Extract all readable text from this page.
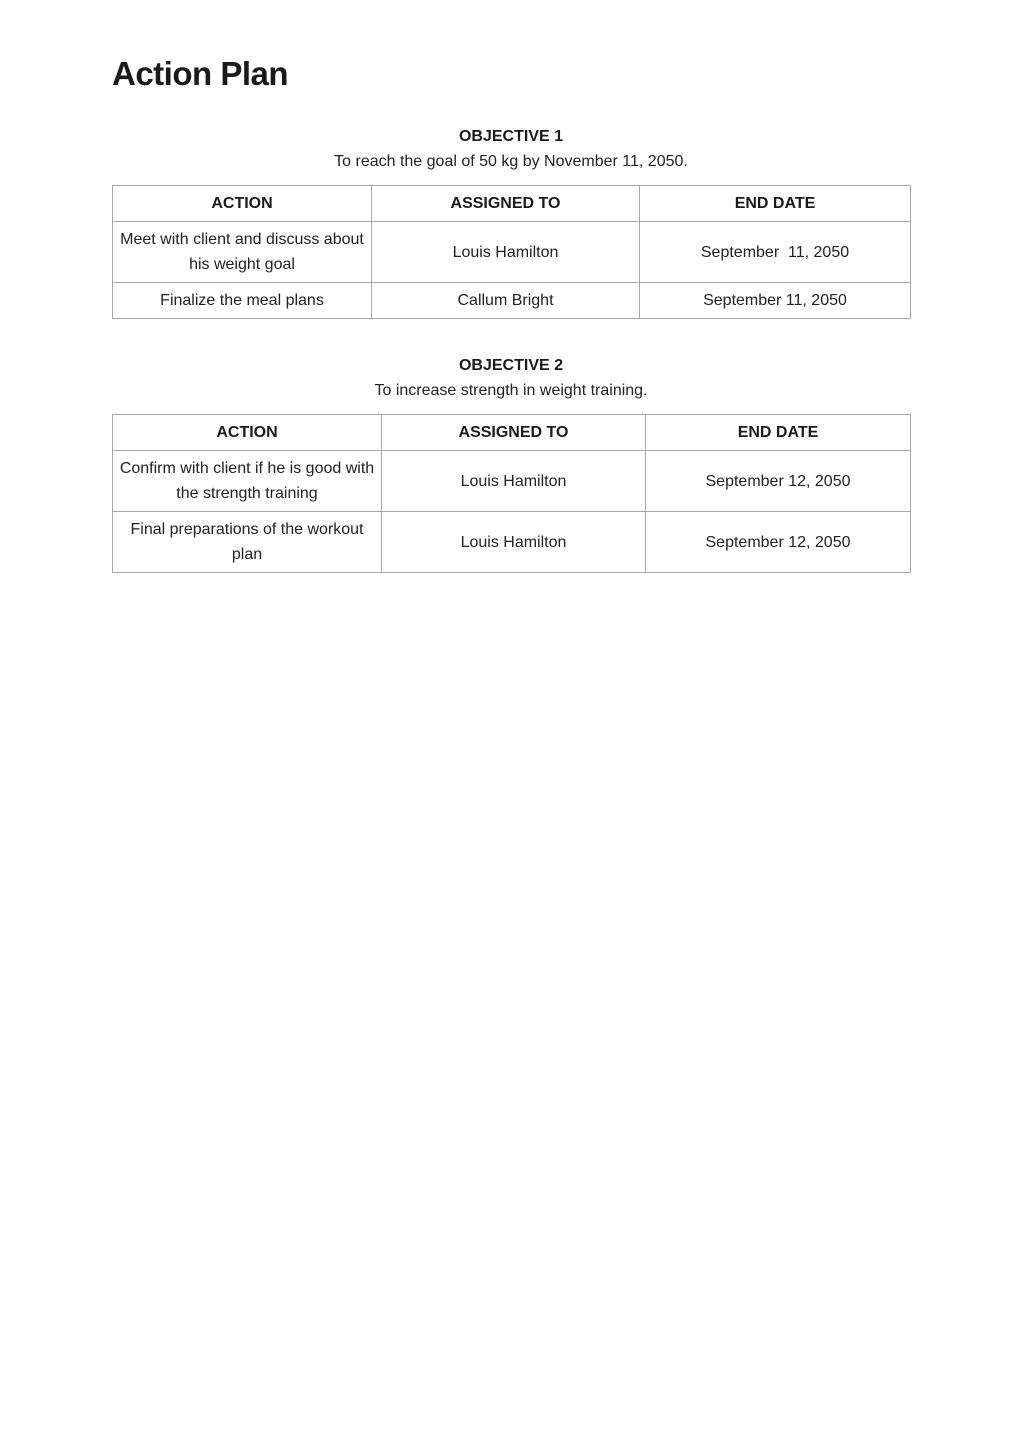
Action Plan
OBJECTIVE 1
To reach the goal of 50 kg by November 11, 2050.
ACTION	ASSIGNED TO	END DATE
Meet with client and discuss about his weight goal	Louis Hamilton	September  11, 2050
Finalize the meal plans	Callum Bright	September 11, 2050
OBJECTIVE 2
To increase strength in weight training.
ACTION	ASSIGNED TO	END DATE
Confirm with client if he is good with the strength training	Louis Hamilton	September 12, 2050
Final preparations of the workout plan	Louis Hamilton	September 12, 2050
